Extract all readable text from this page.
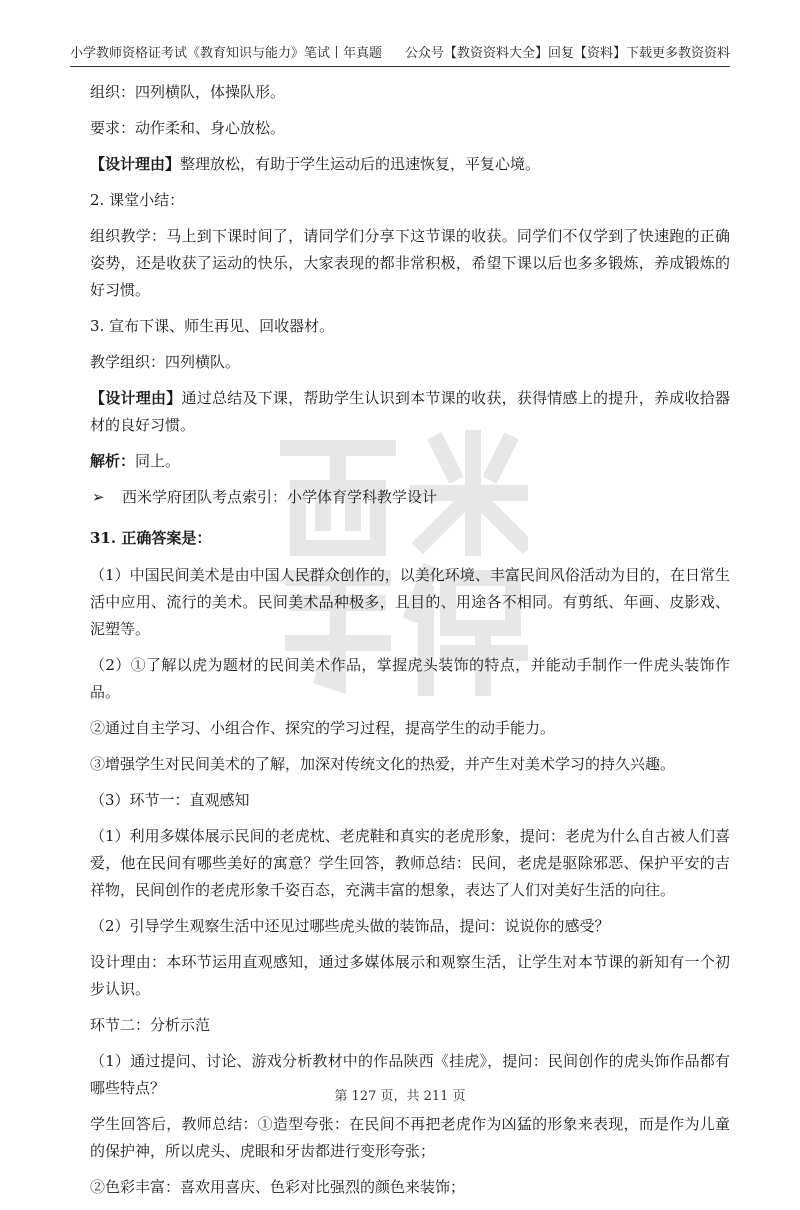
小学教师资格证考试《教育知识与能力》笔试丨年真题 公众号【教资资料大全】回复【资料】下载更多教资资料

组织：四列横队，体操队形。

要求：动作柔和、身心放松。

【设计理由】整理放松，有助于学生运动后的迅速恢复，平复心境。

2. 课堂小结：

组织教学：马上到下课时间了，请同学们分享下这节课的收获。同学们不仅学到了快速跑的正确姿势，还是收获了运动的快乐，大家表现的都非常积极，希望下课以后也多多锻炼，养成锻炼的好习惯。

3. 宣布下课、师生再见、回收器材。

教学组织：四列横队。

【设计理由】通过总结及下课，帮助学生认识到本节课的收获，获得情感上的提升，养成收拾器材的良好习惯。

解析：同上。

➢	西米学府团队考点索引：小学体育学科教学设计

31. 正确答案是：

（1）中国民间美术是由中国人民群众创作的，以美化环境、丰富民间风俗活动为目的，在日常生活中应用、流行的美术。民间美术品种极多，且目的、用途各不相同。有剪纸、年画、皮影戏、泥塑等。

（2）①了解以虎为题材的民间美术作品，掌握虎头装饰的特点，并能动手制作一件虎头装饰作品。

②通过自主学习、小组合作、探究的学习过程，提高学生的动手能力。

③增强学生对民间美术的了解，加深对传统文化的热爱，并产生对美术学习的持久兴趣。

（3）环节一：直观感知

（1）利用多媒体展示民间的老虎枕、老虎鞋和真实的老虎形象，提问：老虎为什么自古被人们喜爱，他在民间有哪些美好的寓意？学生回答，教师总结：民间，老虎是驱除邪恶、保护平安的吉祥物，民间创作的老虎形象千姿百态，充满丰富的想象，表达了人们对美好生活的向往。

（2）引导学生观察生活中还见过哪些虎头做的装饰品，提问：说说你的感受？

设计理由：本环节运用直观感知，通过多媒体展示和观察生活，让学生对本节课的新知有一个初步认识。

环节二：分析示范

（1）通过提问、讨论、游戏分析教材中的作品陕西《挂虎》，提问：民间创作的虎头饰作品都有哪些特点？

学生回答后，教师总结：①造型夸张：在民间不再把老虎作为凶猛的形象来表现，而是作为儿童的保护神，所以虎头、虎眼和牙齿都进行变形夸张；

②色彩丰富：喜欢用喜庆、色彩对比强烈的颜色来装饰；

第 127 页，共 211 页
